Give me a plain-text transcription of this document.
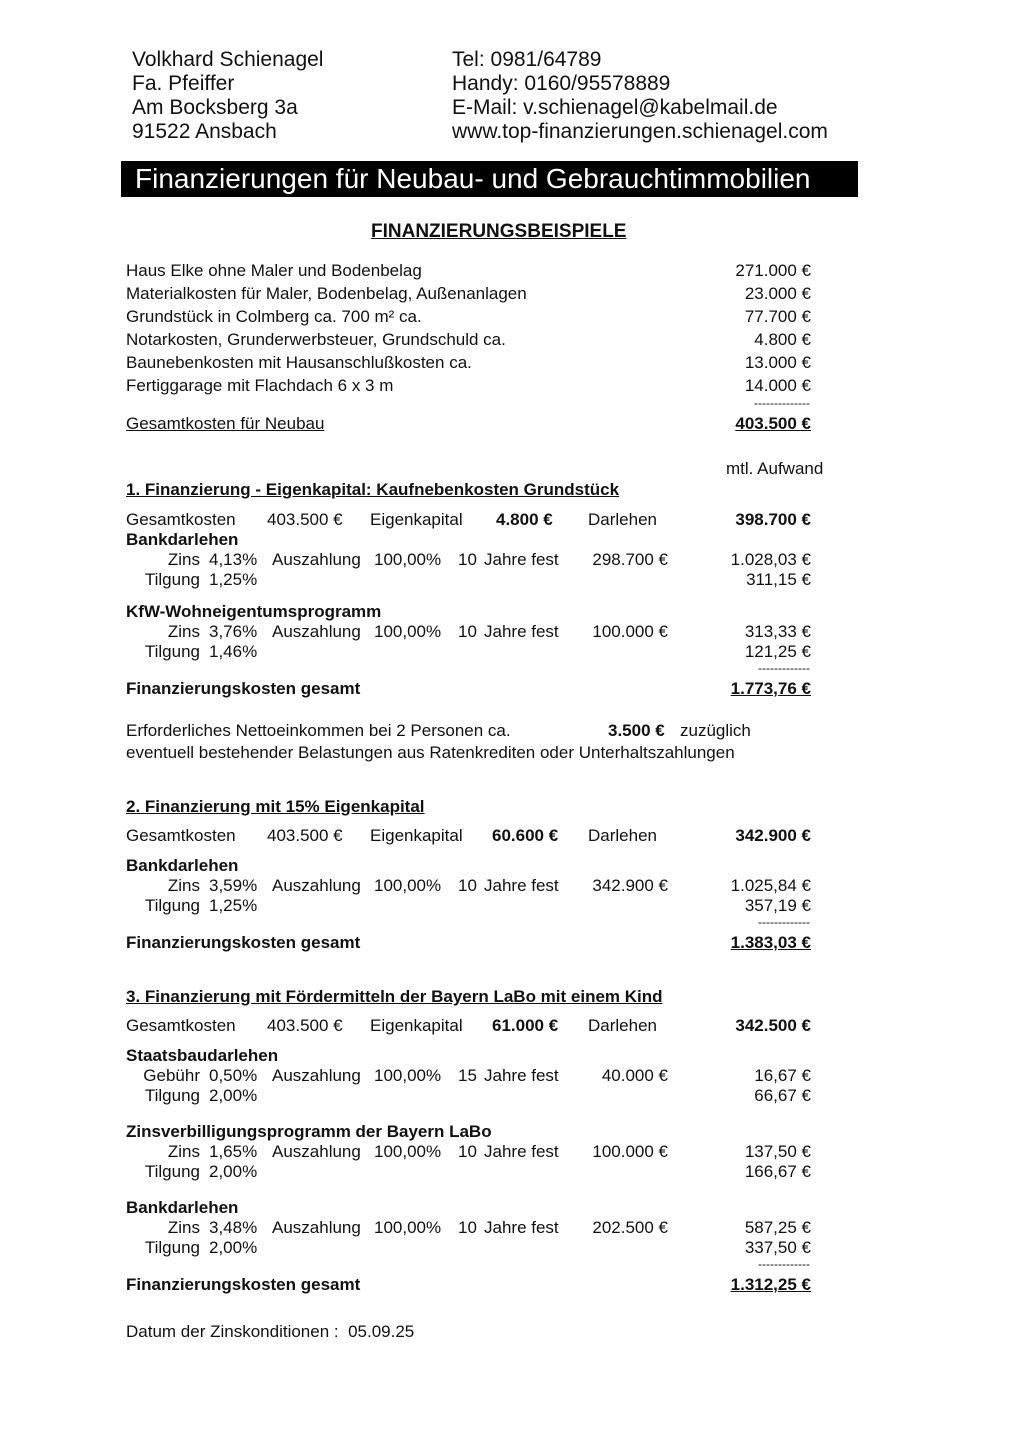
Volkhard Schienagel
Fa. Pfeiffer
Am Bocksberg 3a
91522 Ansbach
Tel: 0981/64789
Handy: 0160/95578889
E-Mail: v.schienagel@kabelmail.de
www.top-finanzierungen.schienagel.com
Finanzierungen für Neubau- und Gebrauchtimmobilien
FINANZIERUNGSBEISPIELE
Haus Elke ohne Maler und Bodenbelag	271.000 €
Materialkosten für Maler, Bodenbelag, Außenanlagen	23.000 €
Grundstück in Colmberg ca. 700 m² ca.	77.700 €
Notarkosten, Grunderwerbsteuer, Grundschuld ca.	4.800 €
Baunebenkosten mit Hausanschlußkosten ca.	13.000 €
Fertiggarage mit Flachdach 6 x 3 m	14.000 €
--------------
Gesamtkosten für Neubau	403.500 €
mtl. Aufwand
1. Finanzierung - Eigenkapital: Kaufnebenkosten Grundstück
Gesamtkosten 403.500 € Eigenkapital 4.800 € Darlehen	398.700 €
Bankdarlehen
Zins 4,13% Auszahlung 100,00% 10 Jahre fest	298.700 €	1.028,03 €
Tilgung 1,25%	311,15 €
KfW-Wohneigentumsprogramm
Zins 3,76% Auszahlung 100,00% 10 Jahre fest	100.000 €	313,33 €
Tilgung 1,46%	121,25 €
-------------
Finanzierungskosten gesamt	1.773,76 €
Erforderliches Nettoeinkommen bei 2 Personen ca.	3.500 € zuzüglich
eventuell bestehender Belastungen aus Ratenkrediten oder Unterhaltszahlungen
2. Finanzierung mit 15% Eigenkapital
Gesamtkosten 403.500 € Eigenkapital 60.600 € Darlehen	342.900 €
Bankdarlehen
Zins 3,59% Auszahlung 100,00% 10 Jahre fest	342.900 €	1.025,84 €
Tilgung 1,25%	357,19 €
-------------
Finanzierungskosten gesamt	1.383,03 €
3. Finanzierung mit Fördermitteln der Bayern LaBo mit einem Kind
Gesamtkosten 403.500 € Eigenkapital 61.000 € Darlehen	342.500 €
Staatsbaudarlehen
Gebühr 0,50% Auszahlung 100,00% 15 Jahre fest	40.000 €	16,67 €
Tilgung 2,00%	66,67 €
Zinsverbilligungsprogramm der Bayern LaBo
Zins 1,65% Auszahlung 100,00% 10 Jahre fest	100.000 €	137,50 €
Tilgung 2,00%	166,67 €
Bankdarlehen
Zins 3,48% Auszahlung 100,00% 10 Jahre fest	202.500 €	587,25 €
Tilgung 2,00%	337,50 €
-------------
Finanzierungskosten gesamt	1.312,25 €
Datum der Zinskonditionen : 05.09.25
